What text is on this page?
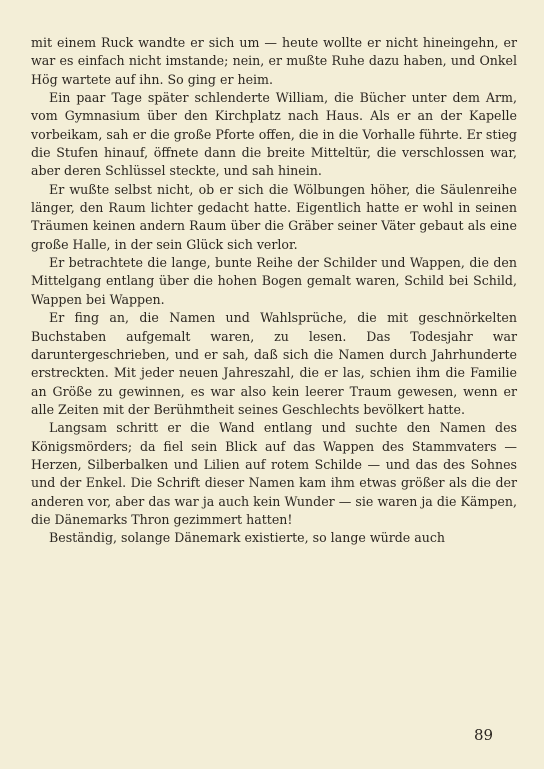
mit einem Ruck wandte er sich um — heute wollte er nicht hineingehn, er war es einfach nicht imstande; nein, er mußte Ruhe dazu haben, und Onkel Hög wartete auf ihn. So ging er heim.

Ein paar Tage später schlenderte William, die Bücher unter dem Arm, vom Gymnasium über den Kirchplatz nach Haus. Als er an der Kapelle vorbeikam, sah er die große Pforte offen, die in die Vorhalle führte. Er stieg die Stufen hinauf, öffnete dann die breite Mitteltür, die verschlossen war, aber deren Schlüssel steckte, und sah hinein.

Er wußte selbst nicht, ob er sich die Wölbungen höher, die Säulenreihe länger, den Raum lichter gedacht hatte. Eigentlich hatte er wohl in seinen Träumen keinen andern Raum über die Gräber seiner Väter gebaut als eine große Halle, in der sein Glück sich verlor.

Er betrachtete die lange, bunte Reihe der Schilder und Wappen, die den Mittelgang entlang über die hohen Bogen gemalt waren, Schild bei Schild, Wappen bei Wappen.

Er fing an, die Namen und Wahlsprüche, die mit geschnörkelten Buchstaben aufgemalt waren, zu lesen. Das Todesjahr war daruntergeschrieben, und er sah, daß sich die Namen durch Jahrhunderte erstreckten. Mit jeder neuen Jahreszahl, die er las, schien ihm die Familie an Größe zu gewinnen, es war also kein leerer Traum gewesen, wenn er alle Zeiten mit der Berühmtheit seines Geschlechts bevölkert hatte.

Langsam schritt er die Wand entlang und suchte den Namen des Königsmörders; da fiel sein Blick auf das Wappen des Stammvaters — Herzen, Silberbalken und Lilien auf rotem Schilde — und das des Sohnes und der Enkel. Die Schrift dieser Namen kam ihm etwas größer als die der anderen vor, aber das war ja auch kein Wunder — sie waren ja die Kämpen, die Dänemarks Thron gezimmert hatten!

Beständig, solange Dänemark existierte, so lange würde auch

89
